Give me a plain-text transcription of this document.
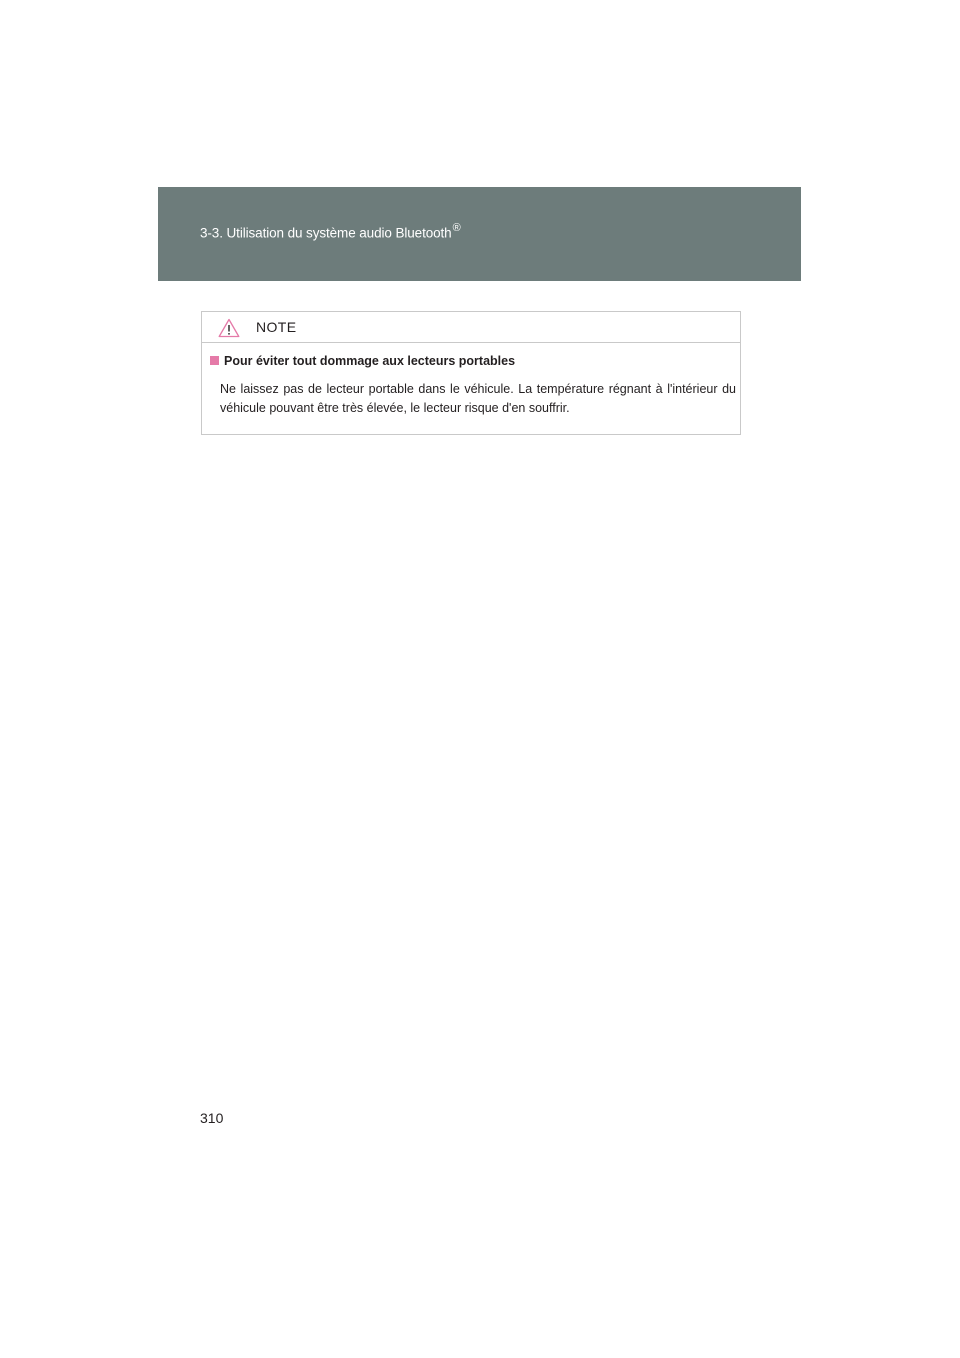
3-3. Utilisation du système audio Bluetooth®
NOTE
Pour éviter tout dommage aux lecteurs portables
Ne laissez pas de lecteur portable dans le véhicule. La température régnant à l'intérieur du véhicule pouvant être très élevée, le lecteur risque d'en souffrir.
310
